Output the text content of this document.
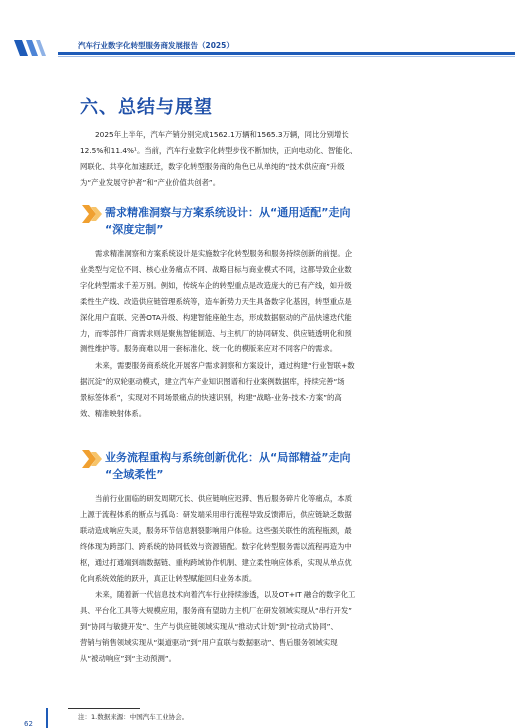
汽车行业数字化转型服务商发展报告（2025）
六、总结与展望
2025年上半年，汽车产销分别完成1562.1万辆和1565.3万辆，同比分别增长
12.5%和11.4%¹。当前，汽车行业数字化转型步伐不断加快，正向电动化、智能化、
网联化、共享化加速跃迁，数字化转型服务商的角色已从单纯的“技术供应商”升级
为“产业发展守护者”和“产业价值共创者”。
需求精准洞察与方案系统设计：从“通用适配”走向
“深度定制”
需求精准洞察和方案系统设计是实施数字化转型服务和服务持续创新的前提。企
业类型与定位不同、核心业务痛点不同、战略目标与商业模式不同，这都导致企业数
字化转型需求千差万别。例如，传统车企的转型重点是改造庞大的已有产线，如升级
柔性生产线、改造供应链管理系统等，造车新势力天生具备数字化基因，转型重点是
深化用户直联、完善OTA升级、构建智能座舱生态，形成数据驱动的产品快速迭代能
力，而零部件厂商需求则是聚焦智能制造、与主机厂的协同研发、供应链透明化和预
测性维护等。服务商难以用一套标准化、统一化的模版来应对不同客户的需求。
未来，需要服务商系统化开展客户需求洞察和方案设计，通过构建“行业智联+数
据沉淀”的双轮驱动模式，建立汽车产业知识图谱和行业案例数据库，持续完善“场
景标签体系”，实现对不同场景痛点的快速识别，构建“战略-业务-技术-方案”的高
效、精准映射体系。
业务流程重构与系统创新优化：从“局部精益”走向
“全域柔性”
当前行业面临的研发周期冗长、供应链响应迟滞、售后服务碎片化等痛点，本质
上源于流程体系的断点与孤岛：研发端采用串行流程导致反馈滞后，供应链缺乏数据
联动造成响应失灵，服务环节信息割裂影响用户体验。这些强关联性的流程瓶颈，最
终体现为跨部门、跨系统的协同低效与资源错配。数字化转型服务需以流程再造为中
枢，通过打通端到端数据链、重构跨域协作机制、建立柔性响应体系，实现从单点优
化向系统效能的跃升，真正让转型赋能回归业务本质。
未来，随着新一代信息技术向着汽车行业持续渗透，以及OT+IT 融合的数字化工
具、平台化工具等大规模应用，服务商有望助力主机厂在研发领域实现从“串行开发”
到“协同与敏捷开发”、生产与供应链领域实现从“推动式计划”到“拉动式协同”、
营销与销售领域实现从“渠道驱动”到“用户直联与数据驱动”、售后服务领域实现
从“被动响应”到“主动预测”。
注：1.数据来源：中国汽车工业协会。
62
